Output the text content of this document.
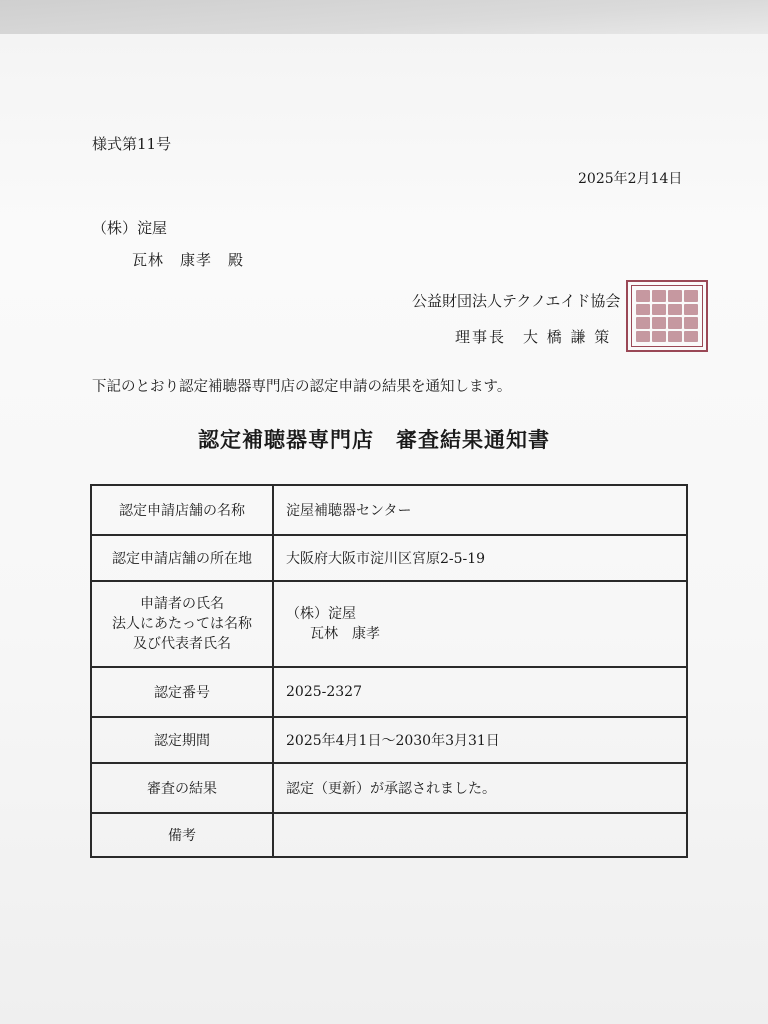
様式第11号
2025年2月14日
（株）淀屋
瓦林　康孝　殿
公益財団法人テクノエイド協会
理事長　大 橋 謙 策
下記のとおり認定補聴器専門店の認定申請の結果を通知します。
認定補聴器専門店　審査結果通知書
認定申請店舗の名称	淀屋補聴器センター
認定申請店舗の所在地	大阪府大阪市淀川区宮原2-5-19

申請者の氏名
法人にあたっては名称
及び代表者氏名	（株）淀屋
瓦林　康孝

認定番号	2025-2327
認定期間	2025年4月1日～2030年3月31日
審査の結果	認定（更新）が承認されました。
備考	
